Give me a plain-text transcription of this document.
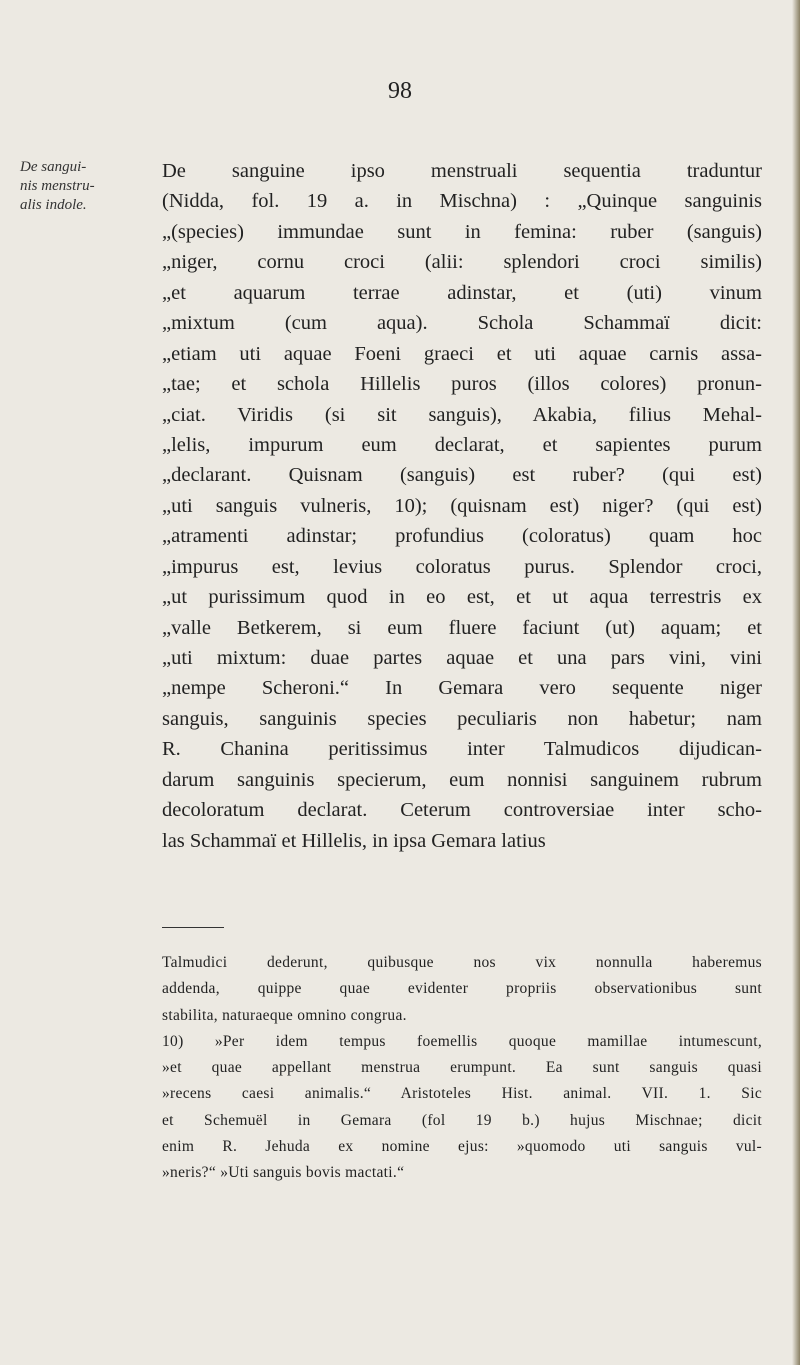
98
De sangui-
nis menstru-
alis indole.
De sanguine ipso menstruali sequentia traduntur
(Nidda, fol. 19 a. in Mischna) : „Quinque sanguinis
„(species) immundae sunt in femina: ruber (sanguis)
„niger, cornu croci (alii: splendori croci similis)
„et aquarum terrae adinstar, et (uti) vinum
„mixtum (cum aqua). Schola Schammaï dicit:
„etiam uti aquae Foeni graeci et uti aquae carnis assa-
„tae; et schola Hillelis puros (illos colores) pronun-
„ciat. Viridis (si sit sanguis), Akabia, filius Mehal-
„lelis, impurum eum declarat, et sapientes purum
„declarant. Quisnam (sanguis) est ruber? (qui est)
„uti sanguis vulneris, 10); (quisnam est) niger? (qui est)
„atramenti adinstar; profundius (coloratus) quam hoc
„impurus est, levius coloratus purus. Splendor croci,
„ut purissimum quod in eo est, et ut aqua terrestris ex
„valle Betkerem, si eum fluere faciunt (ut) aquam; et
„uti mixtum: duae partes aquae et una pars vini, vini
„nempe Scheroni.“ In Gemara vero sequente niger
sanguis, sanguinis species peculiaris non habetur; nam
R. Chanina peritissimus inter Talmudicos dijudican-
darum sanguinis specierum, eum nonnisi sanguinem rubrum
decoloratum declarat. Ceterum controversiae inter scho-
las Schammaï et Hillelis, in ipsa Gemara latius
Talmudici dederunt, quibusque nos vix nonnulla haberemus
addenda, quippe quae evidenter propriis observationibus sunt
stabilita, naturaeque omnino congrua.
10) »Per idem tempus foemellis quoque mamillae intumescunt,
»et quae appellant menstrua erumpunt. Ea sunt sanguis quasi
»recens caesi animalis.“ Aristoteles Hist. animal. VII. 1. Sic
et Schemuël in Gemara (fol 19 b.) hujus Mischnae; dicit
enim R. Jehuda ex nomine ejus: »quomodo uti sanguis vul-
»neris?“ »Uti sanguis bovis mactati.“
